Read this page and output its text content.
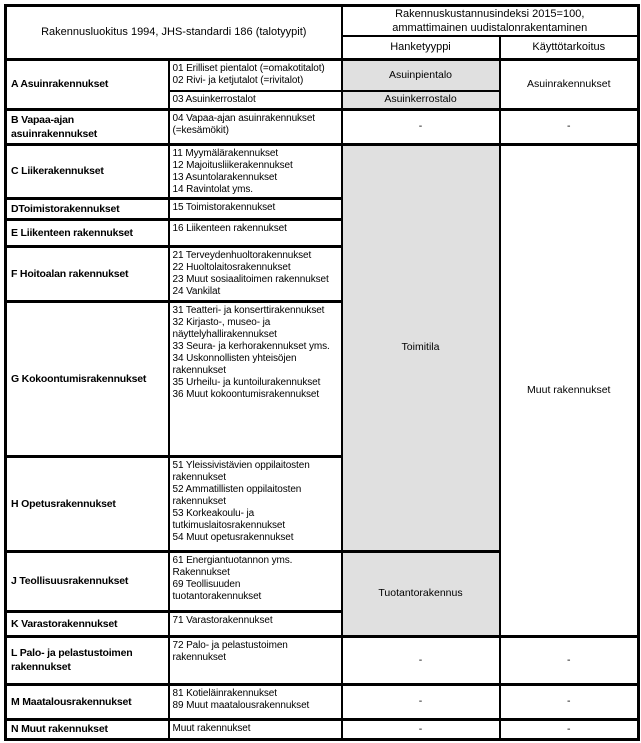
Rakennusluokitus 1994, JHS-standardi 186 (talotyypit)		Rakennuskustannusindeksi 2015=100,
ammattimainen uudistalonrakentaminen	
		Hanketyyppi	Käyttötarkoitus
A Asuinrakennukset	01 Erilliset pientalot (=omakotitalot)
02 Rivi- ja ketjutalot (=rivitalot)	Asuinpientalo	Asuinrakennukset
	03 Asuinkerrostalot	Asuinkerrostalo	
B Vapaa-ajan
asuinrakennukset	04 Vapaa-ajan asuinrakennukset
(=kesämökit)	-	-
C Liikerakennukset	11 Myymälärakennukset
12 Majoitusliikerakennukset
13 Asuntolarakennukset
14 Ravintolat yms.	Toimitila	Muut rakennukset
DToimistorakennukset	15 Toimistorakennukset		
E Liikenteen rakennukset	16 Liikenteen rakennukset		
F Hoitoalan rakennukset	21 Terveydenhuoltorakennukset
22 Huoltolaitosrakennukset
23 Muut sosiaalitoimen rakennukset
24 Vankilat		
G Kokoontumisrakennukset	31 Teatteri- ja konserttirakennukset
32 Kirjasto-, museo- ja
näyttelyhallirakennukset
33 Seura- ja kerhorakennukset yms.
34 Uskonnollisten yhteisöjen
rakennukset
35 Urheilu- ja kuntoilurakennukset
36 Muut kokoontumisrakennukset
H Opetusrakennukset	51 Yleissivistävien oppilaitosten
rakennukset
52 Ammatillisten oppilaitosten
rakennukset
53 Korkeakoulu- ja
tutkimuslaitosrakennukset
54 Muut opetusrakennukset
J Teollisuusrakennukset	61 Energiantuotannon yms.
Rakennukset
69 Teollisuuden
tuotantorakennukset	Tuotantorakennus	
K Varastorakennukset	71 Varastorakennukset		
L Palo- ja pelastustoimen
rakennukset	72 Palo- ja pelastustoimen
rakennukset	-	-
M Maatalousrakennukset	81 Kotieläinrakennukset
89 Muut maatalousrakennukset	-	-
N Muut rakennukset	Muut rakennukset	-	-
